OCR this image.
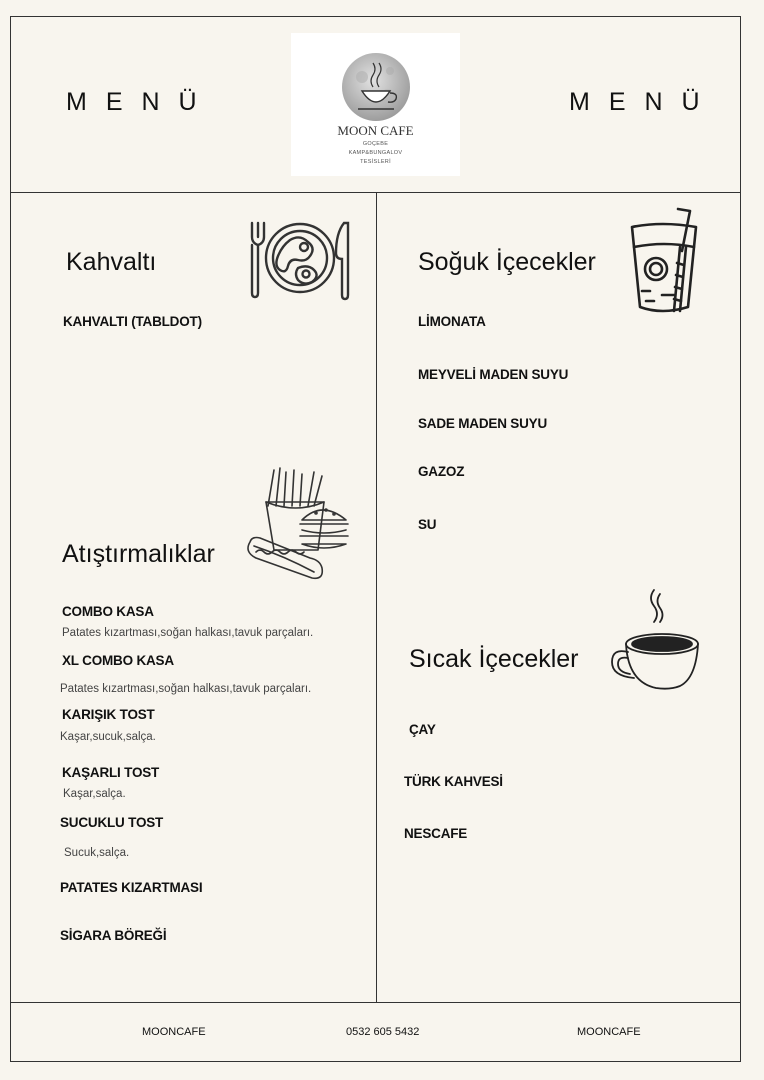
MENÜ	MENÜ
MOON CAFE
GOÇEBE
KAMP&BUNGALOV
TESİSLERİ
Kahvaltı
KAHVALTI (TABLDOT)
Atıştırmalıklar
COMBO KASA
Patates kızartması,soğan halkası,tavuk parçaları.
XL COMBO KASA
Patates kızartması,soğan halkası,tavuk parçaları.
KARIŞIK TOST
Kaşar,sucuk,salça.
KAŞARLI TOST
Kaşar,salça.
SUCUKLU TOST
Sucuk,salça.
PATATES KIZARTMASI
SİGARA BÖREĞİ
Soğuk İçecekler
LİMONATA
MEYVELİ MADEN SUYU
SADE MADEN SUYU
GAZOZ
SU
Sıcak İçecekler
ÇAY
TÜRK KAHVESİ
NESCAFE
MOONCAFE	0532 605 5432	MOONCAFE
